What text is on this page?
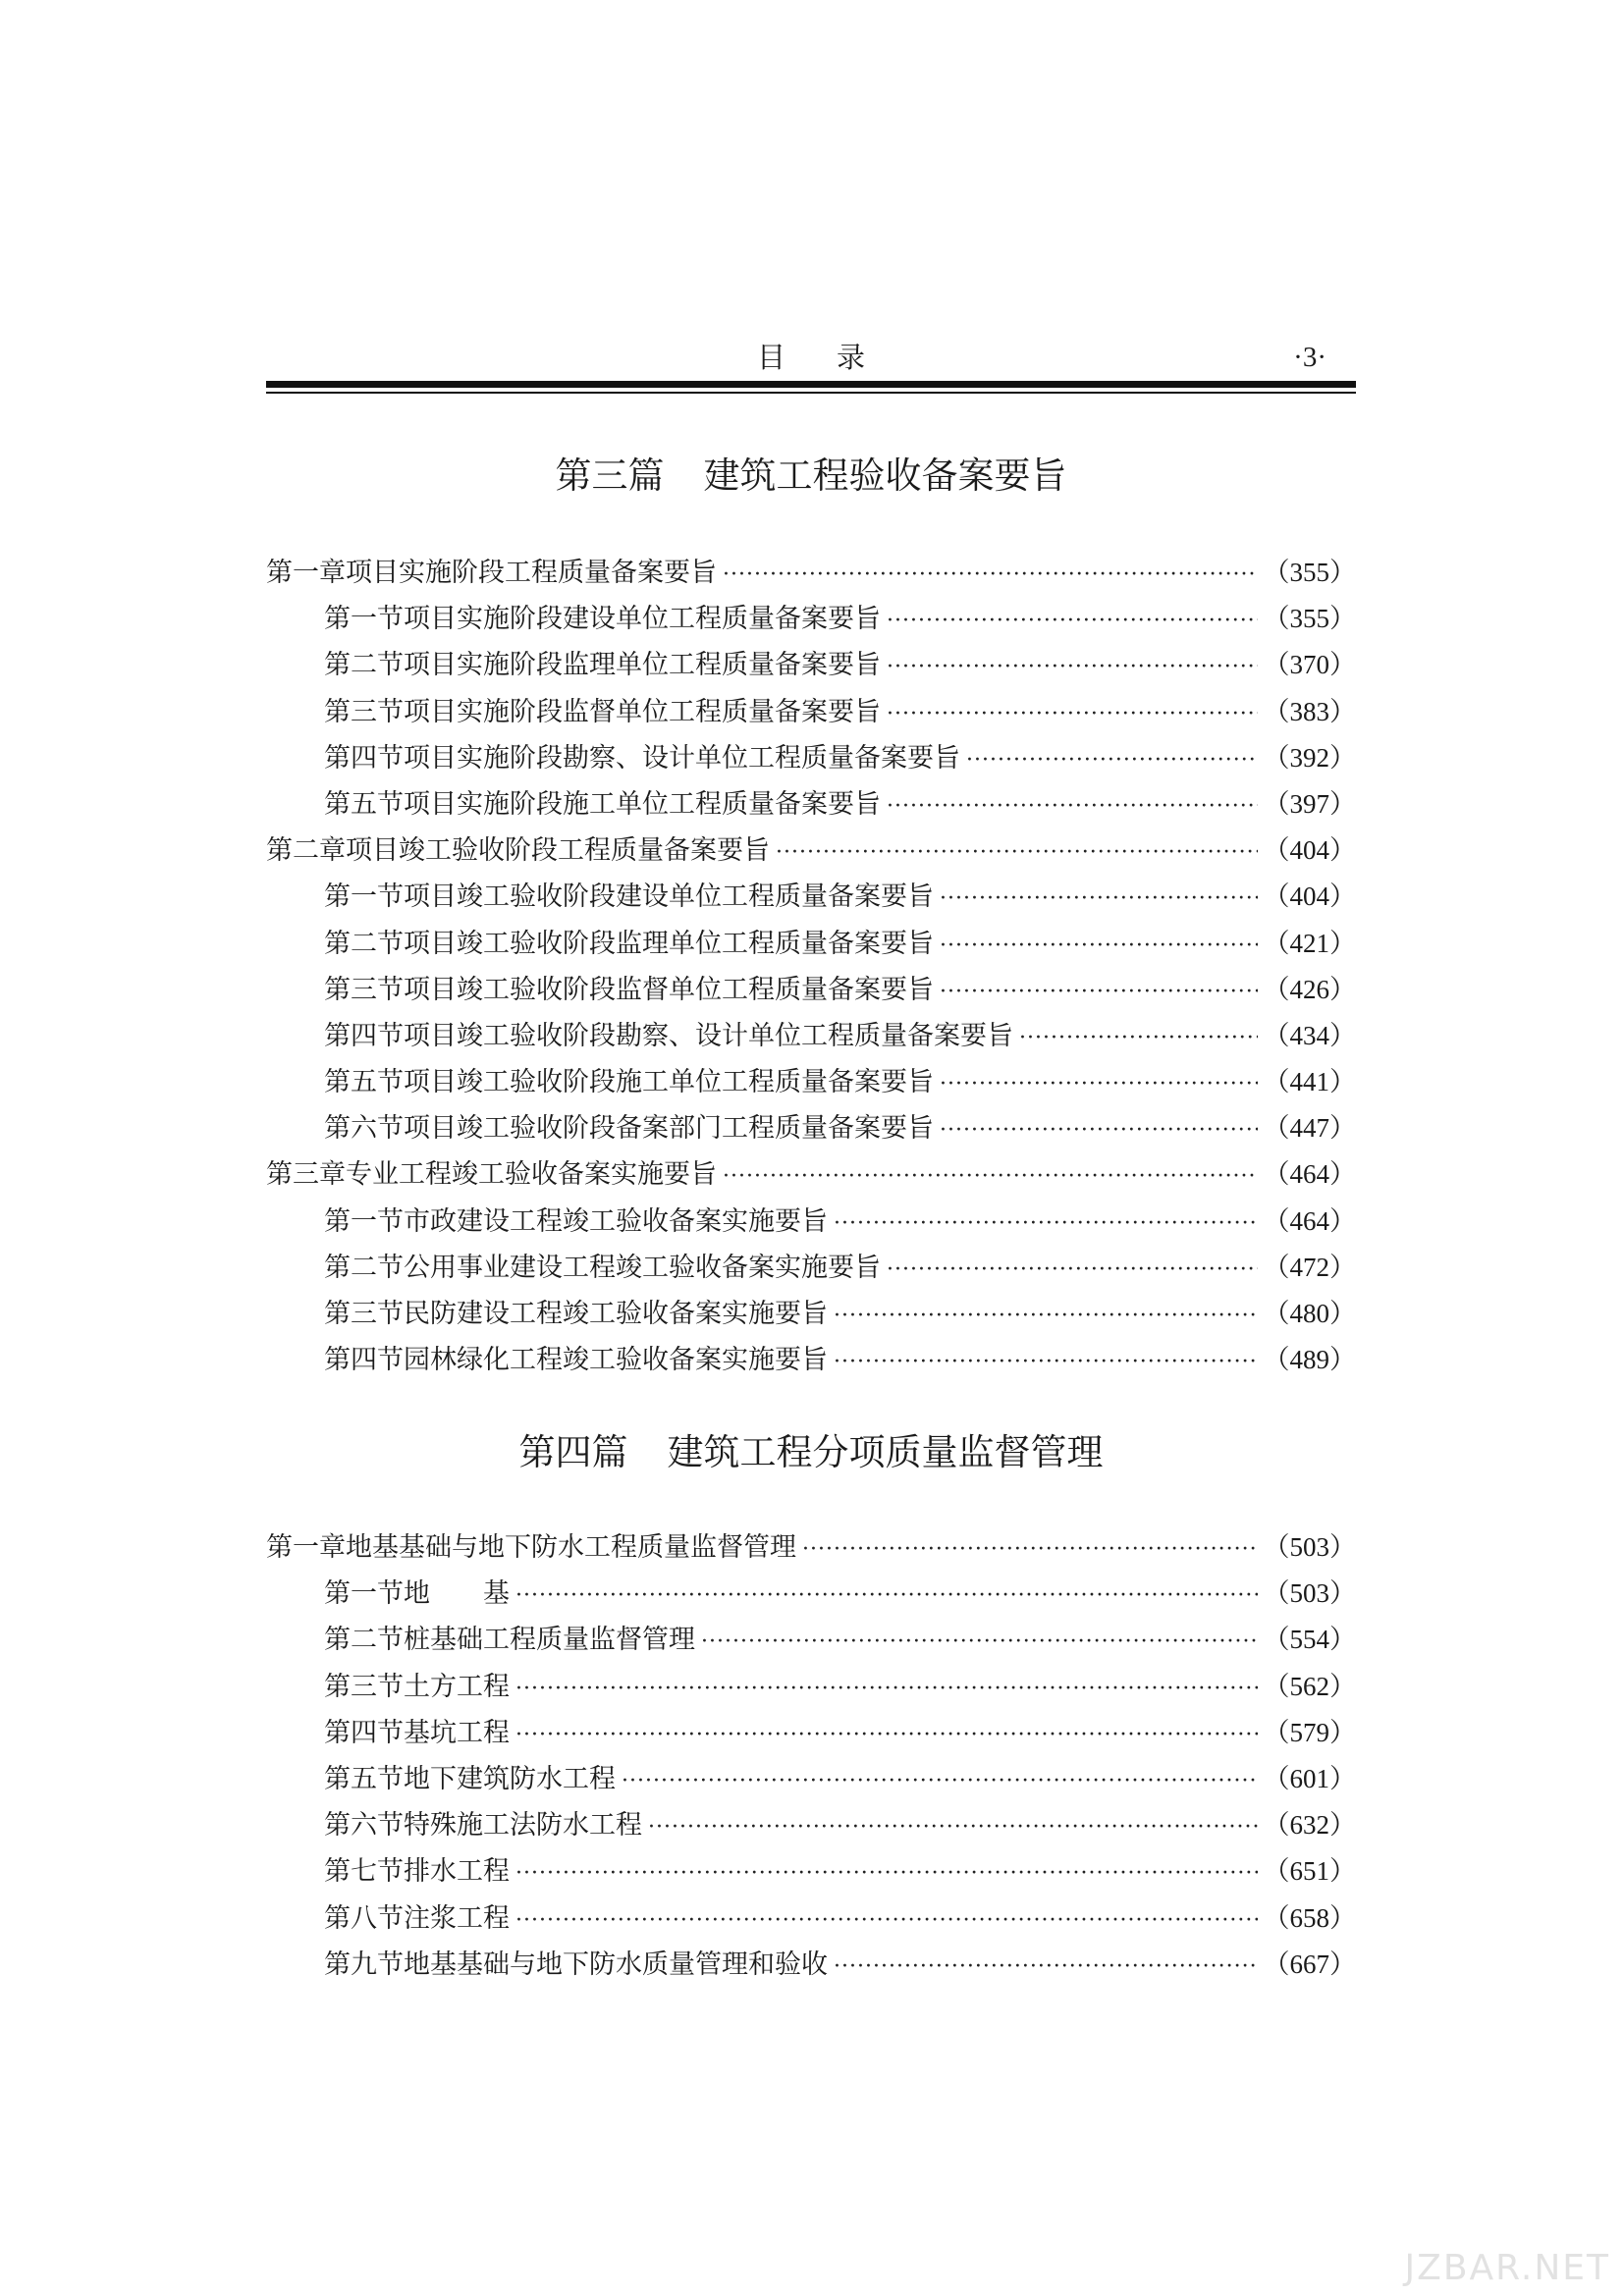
目录	·3·
第三篇 建筑工程验收备案要旨
第一章 项目实施阶段工程质量备案要旨 ·····	（355）
第一节 项目实施阶段建设单位工程质量备案要旨 ·····	（355）
第二节 项目实施阶段监理单位工程质量备案要旨 ·····	（370）
第三节 项目实施阶段监督单位工程质量备案要旨 ·····	（383）
第四节 项目实施阶段勘察、设计单位工程质量备案要旨 ·····	（392）
第五节 项目实施阶段施工单位工程质量备案要旨 ·····	（397）
第二章 项目竣工验收阶段工程质量备案要旨 ·····	（404）
第一节 项目竣工验收阶段建设单位工程质量备案要旨 ·····	（404）
第二节 项目竣工验收阶段监理单位工程质量备案要旨 ·····	（421）
第三节 项目竣工验收阶段监督单位工程质量备案要旨 ·····	（426）
第四节 项目竣工验收阶段勘察、设计单位工程质量备案要旨 ·····	（434）
第五节 项目竣工验收阶段施工单位工程质量备案要旨 ·····	（441）
第六节 项目竣工验收阶段备案部门工程质量备案要旨 ·····	（447）
第三章 专业工程竣工验收备案实施要旨 ·····	（464）
第一节 市政建设工程竣工验收备案实施要旨 ·····	（464）
第二节 公用事业建设工程竣工验收备案实施要旨 ·····	（472）
第三节 民防建设工程竣工验收备案实施要旨 ·····	（480）
第四节 园林绿化工程竣工验收备案实施要旨 ·····	（489）
第四篇 建筑工程分项质量监督管理
第一章 地基基础与地下防水工程质量监督管理 ·····	（503）
第一节 地　　基 ·····	（503）
第二节 桩基础工程质量监督管理 ·····	（554）
第三节 土方工程 ·····	（562）
第四节 基坑工程 ·····	（579）
第五节 地下建筑防水工程 ·····	（601）
第六节 特殊施工法防水工程 ·····	（632）
第七节 排水工程 ·····	（651）
第八节 注浆工程 ·····	（658）
第九节 地基基础与地下防水质量管理和验收 ·····	（667）
JZBAR.NET
